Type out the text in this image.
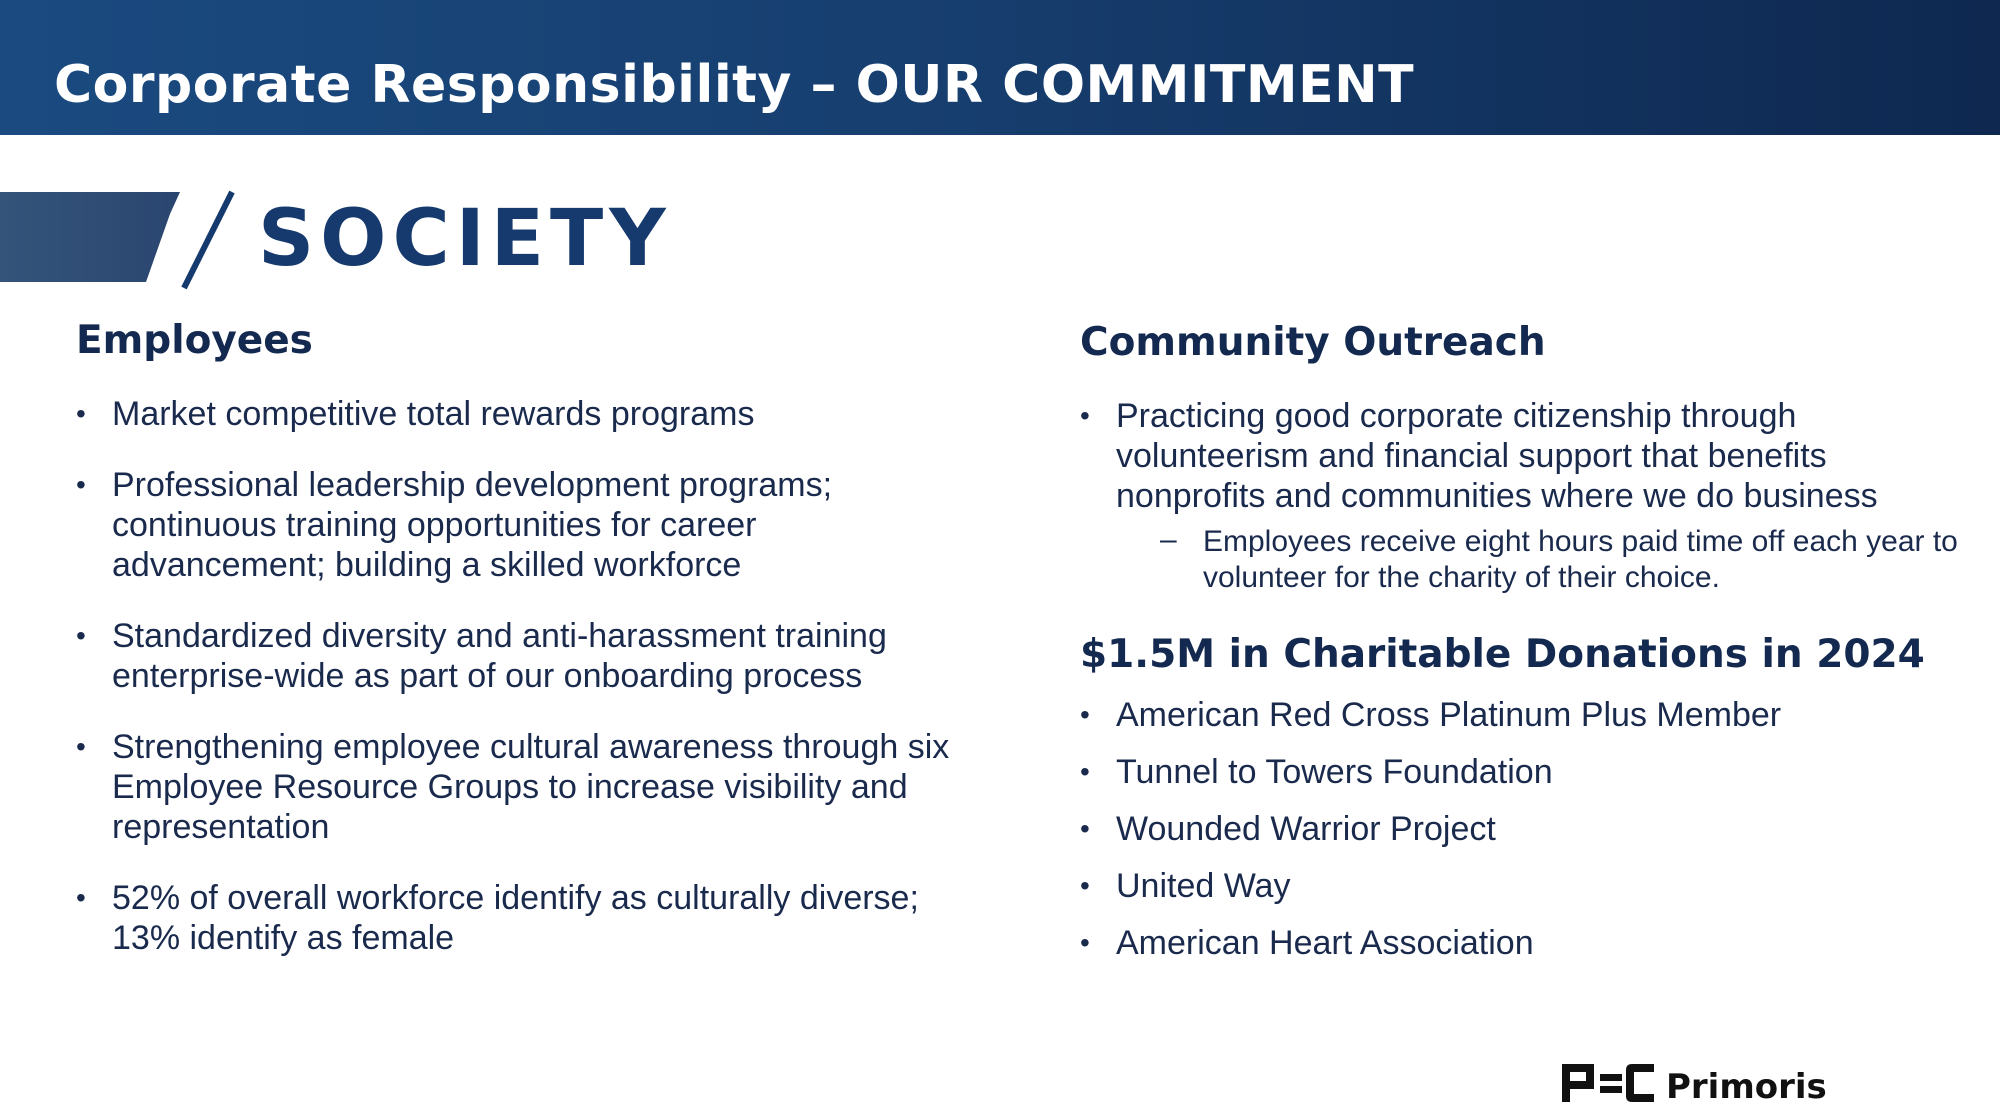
Corporate Responsibility – OUR COMMITMENT
SOCIETY
Employees
• Market competitive total rewards programs
• Professional leadership development programs; continuous training opportunities for career advancement; building a skilled workforce
• Standardized diversity and anti-harassment training enterprise-wide as part of our onboarding process
• Strengthening employee cultural awareness through six Employee Resource Groups to increase visibility and representation
• 52% of overall workforce identify as culturally diverse; 13% identify as female
Community Outreach
• Practicing good corporate citizenship through volunteerism and financial support that benefits nonprofits and communities where we do business
– Employees receive eight hours paid time off each year to volunteer for the charity of their choice.
$1.5M in Charitable Donations in 2024
• American Red Cross Platinum Plus Member
• Tunnel to Towers Foundation
• Wounded Warrior Project
• United Way
• American Heart Association
Primoris
